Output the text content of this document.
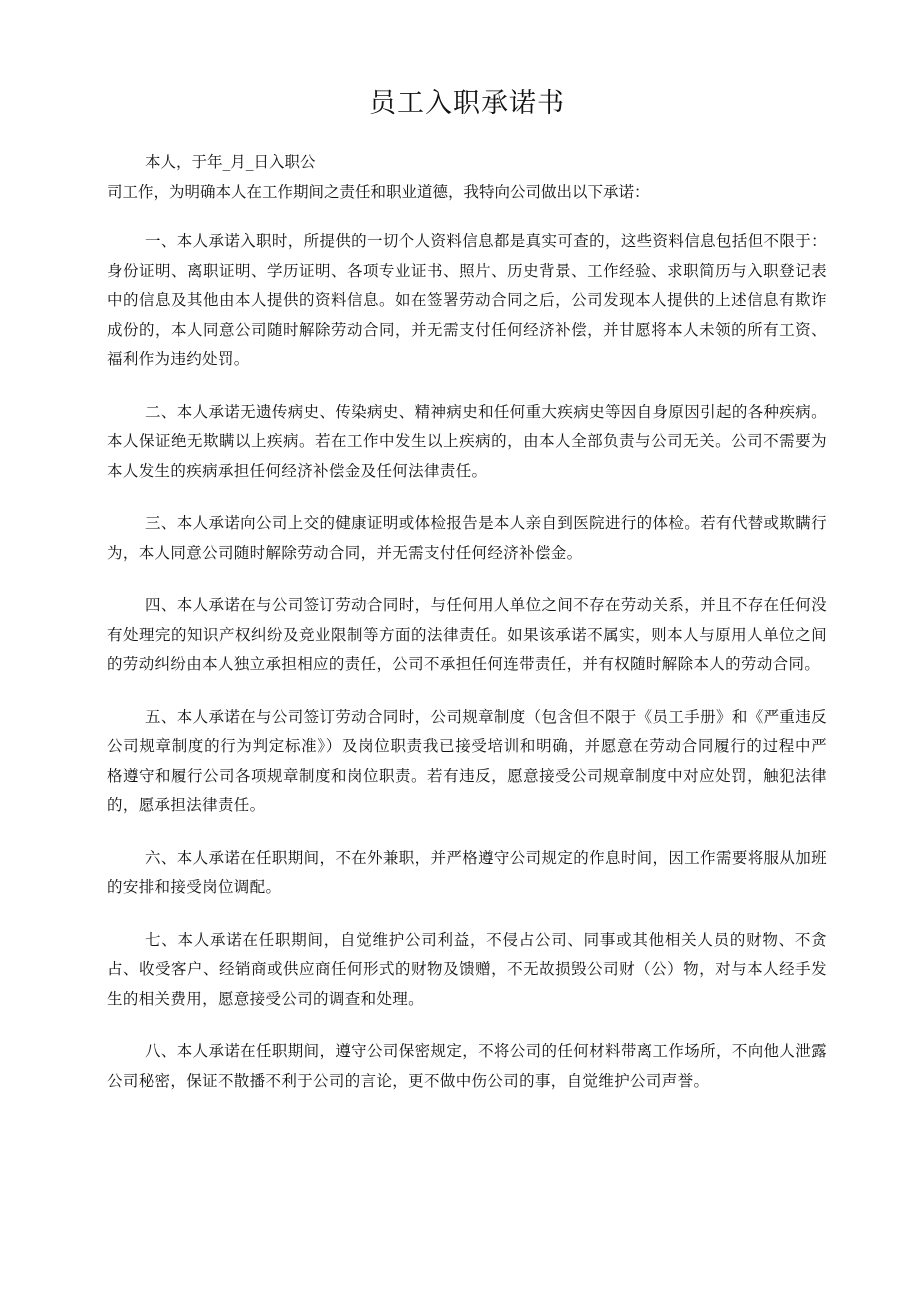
员工入职承诺书
本人，于年_月_日入职公
司工作，为明确本人在工作期间之责任和职业道德，我特向公司做出以下承诺：

一、本人承诺入职时，所提供的一切个人资料信息都是真实可查的，这些资料信息包括但不限于：身份证明、离职证明、学历证明、各项专业证书、照片、历史背景、工作经验、求职简历与入职登记表中的信息及其他由本人提供的资料信息。如在签署劳动合同之后，公司发现本人提供的上述信息有欺诈成份的，本人同意公司随时解除劳动合同，并无需支付任何经济补偿，并甘愿将本人未领的所有工资、福利作为违约处罚。

二、本人承诺无遗传病史、传染病史、精神病史和任何重大疾病史等因自身原因引起的各种疾病。本人保证绝无欺瞒以上疾病。若在工作中发生以上疾病的，由本人全部负责与公司无关。公司不需要为本人发生的疾病承担任何经济补偿金及任何法律责任。

三、本人承诺向公司上交的健康证明或体检报告是本人亲自到医院进行的体检。若有代替或欺瞒行为，本人同意公司随时解除劳动合同，并无需支付任何经济补偿金。

四、本人承诺在与公司签订劳动合同时，与任何用人单位之间不存在劳动关系，并且不存在任何没有处理完的知识产权纠纷及竞业限制等方面的法律责任。如果该承诺不属实，则本人与原用人单位之间的劳动纠纷由本人独立承担相应的责任，公司不承担任何连带责任，并有权随时解除本人的劳动合同。

五、本人承诺在与公司签订劳动合同时，公司规章制度（包含但不限于《员工手册》和《严重违反公司规章制度的行为判定标准》）及岗位职责我已接受培训和明确，并愿意在劳动合同履行的过程中严格遵守和履行公司各项规章制度和岗位职责。若有违反，愿意接受公司规章制度中对应处罚，触犯法律的，愿承担法律责任。

六、本人承诺在任职期间，不在外兼职，并严格遵守公司规定的作息时间，因工作需要将服从加班的安排和接受岗位调配。

七、本人承诺在任职期间，自觉维护公司利益，不侵占公司、同事或其他相关人员的财物、不贪占、收受客户、经销商或供应商任何形式的财物及馈赠，不无故损毁公司财（公）物，对与本人经手发生的相关费用，愿意接受公司的调查和处理。

八、本人承诺在任职期间，遵守公司保密规定，不将公司的任何材料带离工作场所，不向他人泄露公司秘密，保证不散播不利于公司的言论，更不做中伤公司的事，自觉维护公司声誉。
